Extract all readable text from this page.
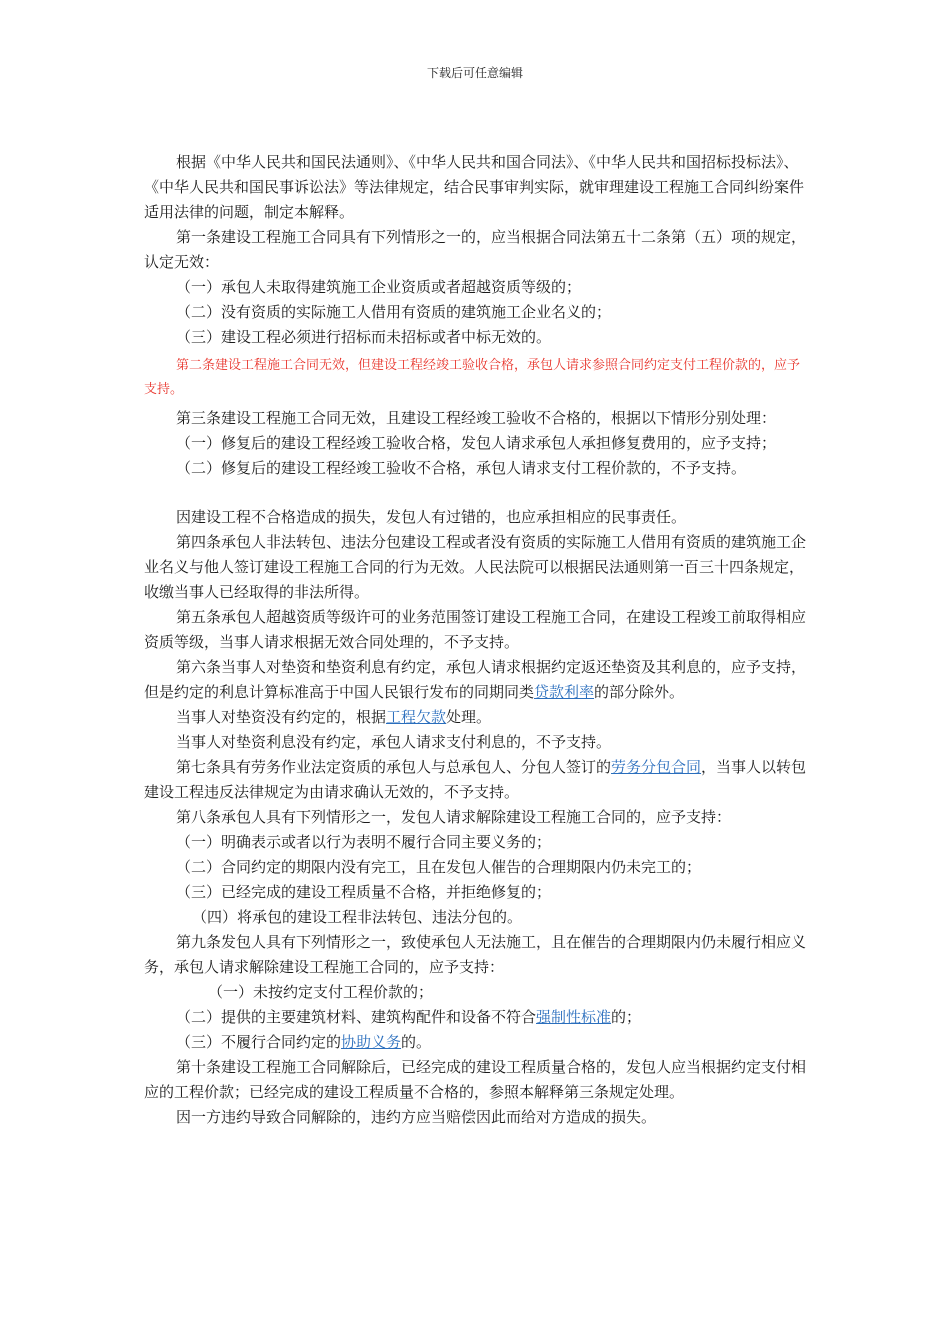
下载后可任意编辑

根据《中华人民共和国民法通则》、《中华人民共和国合同法》、《中华人民共和国招标投标法》、《中华人民共和国民事诉讼法》等法律规定，结合民事审判实际，就审理建设工程施工合同纠纷案件适用法律的问题，制定本解释。

第一条建设工程施工合同具有下列情形之一的，应当根据合同法第五十二条第（五）项的规定，认定无效：

（一）承包人未取得建筑施工企业资质或者超越资质等级的；

（二）没有资质的实际施工人借用有资质的建筑施工企业名义的；

（三）建设工程必须进行招标而未招标或者中标无效的。

第二条建设工程施工合同无效，但建设工程经竣工验收合格，承包人请求参照合同约定支付工程价款的，应予支持。

第三条建设工程施工合同无效，且建设工程经竣工验收不合格的，根据以下情形分别处理：

（一）修复后的建设工程经竣工验收合格，发包人请求承包人承担修复费用的，应予支持；

（二）修复后的建设工程经竣工验收不合格，承包人请求支付工程价款的，不予支持。

因建设工程不合格造成的损失，发包人有过错的，也应承担相应的民事责任。

第四条承包人非法转包、违法分包建设工程或者没有资质的实际施工人借用有资质的建筑施工企业名义与他人签订建设工程施工合同的行为无效。人民法院可以根据民法通则第一百三十四条规定，收缴当事人已经取得的非法所得。

第五条承包人超越资质等级许可的业务范围签订建设工程施工合同，在建设工程竣工前取得相应资质等级，当事人请求根据无效合同处理的，不予支持。

第六条当事人对垫资和垫资利息有约定，承包人请求根据约定返还垫资及其利息的，应予支持，但是约定的利息计算标准高于中国人民银行发布的同期同类贷款利率的部分除外。

当事人对垫资没有约定的，根据工程欠款处理。

当事人对垫资利息没有约定，承包人请求支付利息的，不予支持。

第七条具有劳务作业法定资质的承包人与总承包人、分包人签订的劳务分包合同，当事人以转包建设工程违反法律规定为由请求确认无效的，不予支持。

第八条承包人具有下列情形之一，发包人请求解除建设工程施工合同的，应予支持：

（一）明确表示或者以行为表明不履行合同主要义务的；

（二）合同约定的期限内没有完工，且在发包人催告的合理期限内仍未完工的；

（三）已经完成的建设工程质量不合格，并拒绝修复的；

（四）将承包的建设工程非法转包、违法分包的。

第九条发包人具有下列情形之一，致使承包人无法施工，且在催告的合理期限内仍未履行相应义务，承包人请求解除建设工程施工合同的，应予支持：

（一）未按约定支付工程价款的；

（二）提供的主要建筑材料、建筑构配件和设备不符合强制性标准的；

（三）不履行合同约定的协助义务的。

第十条建设工程施工合同解除后，已经完成的建设工程质量合格的，发包人应当根据约定支付相应的工程价款；已经完成的建设工程质量不合格的，参照本解释第三条规定处理。

因一方违约导致合同解除的，违约方应当赔偿因此而给对方造成的损失。
